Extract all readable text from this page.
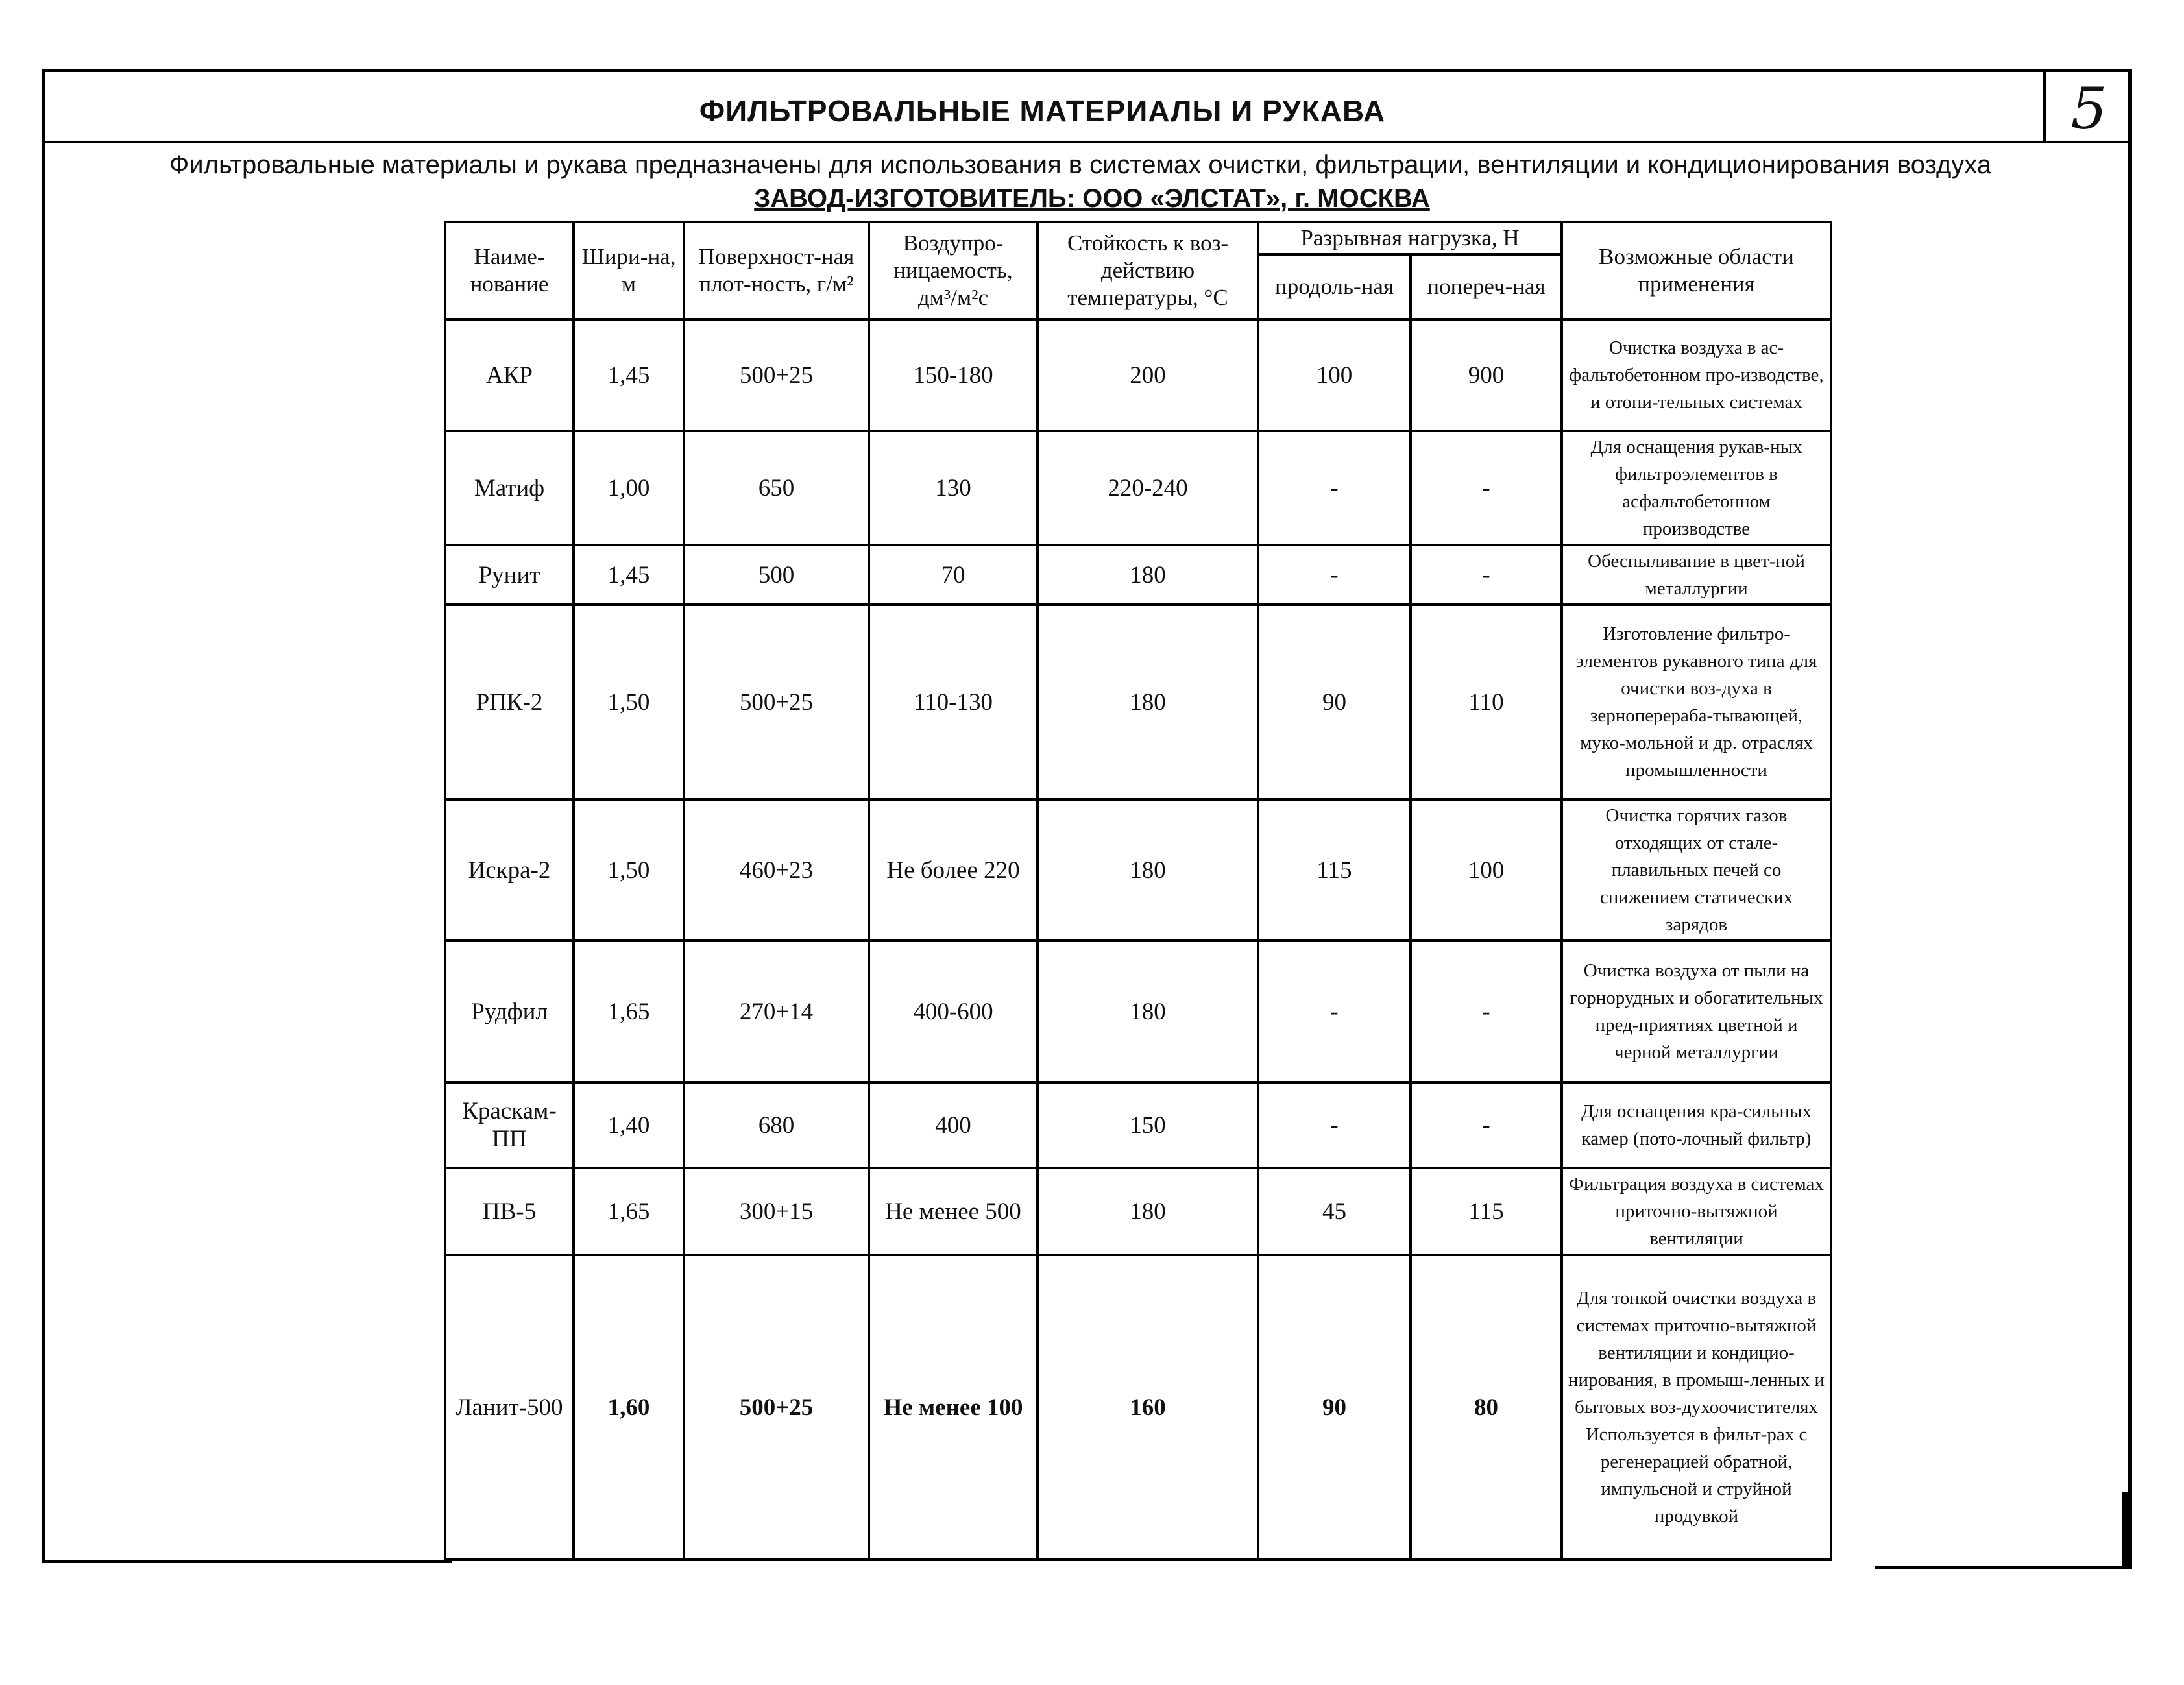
ФИЛЬТРОВАЛЬНЫЕ МАТЕРИАЛЫ И РУКАВА	5
Фильтровальные материалы и рукава предназначены для использования в системах очистки, фильтрации, вентиляции и кондиционирования воздуха
ЗАВОД-ИЗГОТОВИТЕЛЬ: ООО «ЭЛСТАТ», г. МОСКВА
Наиме-нование	Шири-на, м	Поверхност-ная плот-ность, г/м²	Воздупро-ницаемость, дм³/м²с	Стойкость к воз-действию температуры, °С	Разрывная нагрузка, Н		Возможные области применения
					продоль-ная	попереч-ная	
АКР	1,45	500+25	150-180	200	100	900	Очистка воздуха в ас-фальтобетонном про-изводстве, и отопи-тельных системах
Матиф	1,00	650	130	220-240	-	-	Для оснащения рукав-ных фильтроэлементов в асфальтобетонном производстве
Рунит	1,45	500	70	180	-	-	Обеспыливание в цвет-ной металлургии
РПК-2	1,50	500+25	110-130	180	90	110	Изготовление фильтро-элементов рукавного типа для очистки воз-духа в зерноперераба-тывающей, муко-мольной и др. отраслях промышленности
Искра-2	1,50	460+23	Не более 220	180	115	100	Очистка горячих газов отходящих от стале-плавильных печей со снижением статических зарядов
Рудфил	1,65	270+14	400-600	180	-	-	Очистка воздуха от пыли на горнорудных и обогатительных пред-приятиях цветной и черной металлургии
Краскам-ПП	1,40	680	400	150	-	-	Для оснащения кра-сильных камер (пото-лочный фильтр)
ПВ-5	1,65	300+15	Не менее 500	180	45	115	Фильтрация воздуха в системах приточно-вытяжной вентиляции
Ланит-500	1,60	500+25	Не менее 100	160	90	80	Для тонкой очистки воздуха в системах приточно-вытяжной вентиляции и кондицио-нирования, в промыш-ленных и бытовых воз-духоочистителях Используется в фильт-рах с регенерацией обратной, импульсной и струйной продувкой
